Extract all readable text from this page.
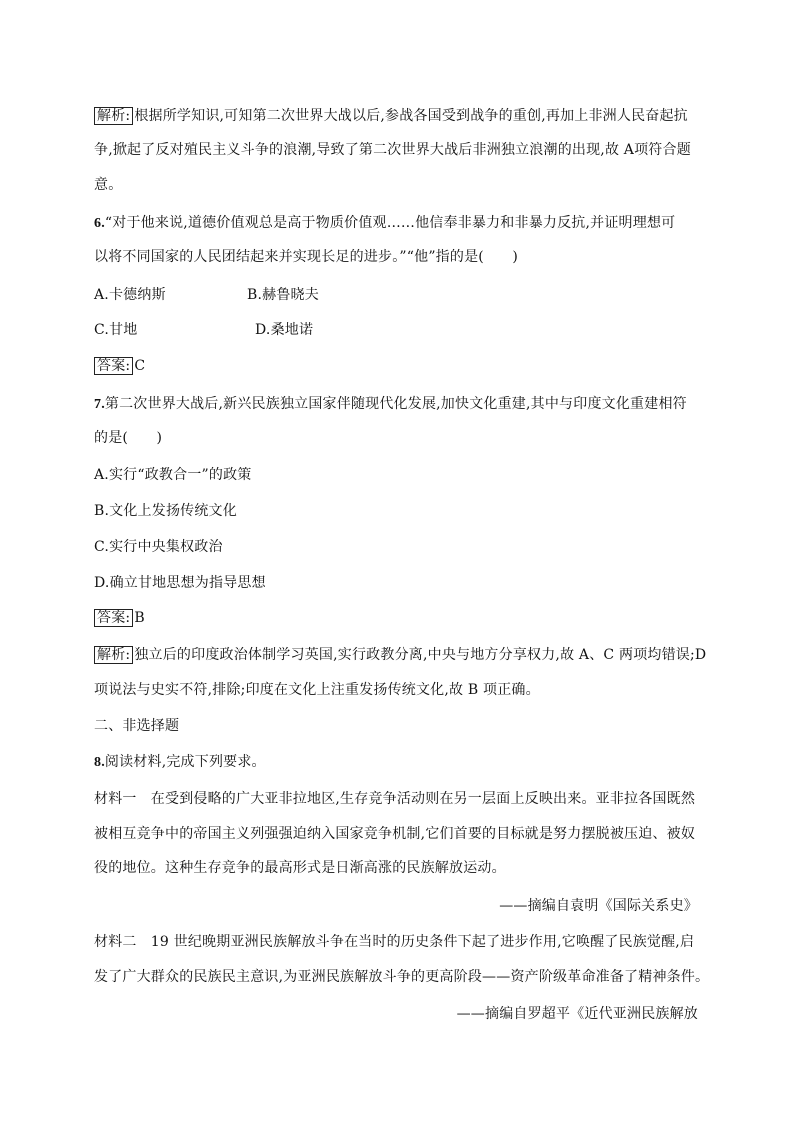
解析: 根据所学知识,可知第二次世界大战以后,参战各国受到战争的重创,再加上非洲人民奋起抗
争,掀起了反对殖民主义斗争的浪潮,导致了第二次世界大战后非洲独立浪潮的出现,故 A项符合题
意。
6.“对于他来说,道德价值观总是高于物质价值观……他信奉非暴力和非暴力反抗,并证明理想可
以将不同国家的人民团结起来并实现长足的进步。”“他”指的是(　　)
A.卡德纳斯	B.赫鲁晓夫
C.甘地	D.桑地诺
答案: C
7.第二次世界大战后,新兴民族独立国家伴随现代化发展,加快文化重建,其中与印度文化重建相符
的是(　　)
A.实行“政教合一”的政策
B.文化上发扬传统文化
C.实行中央集权政治
D.确立甘地思想为指导思想
答案: B
解析: 独立后的印度政治体制学习英国,实行政教分离,中央与地方分享权力,故 A、C 两项均错误;D
项说法与史实不符,排除;印度在文化上注重发扬传统文化,故 B 项正确。
二、非选择题
8.阅读材料,完成下列要求。
材料一　在受到侵略的广大亚非拉地区,生存竞争活动则在另一层面上反映出来。亚非拉各国既然
被相互竞争中的帝国主义列强强迫纳入国家竞争机制,它们首要的目标就是努力摆脱被压迫、被奴
役的地位。这种生存竞争的最高形式是日渐高涨的民族解放运动。
——摘编自袁明《国际关系史》
材料二　19 世纪晚期亚洲民族解放斗争在当时的历史条件下起了进步作用,它唤醒了民族觉醒,启
发了广大群众的民族民主意识,为亚洲民族解放斗争的更高阶段——资产阶级革命准备了精神条件。
——摘编自罗超平《近代亚洲民族解放
